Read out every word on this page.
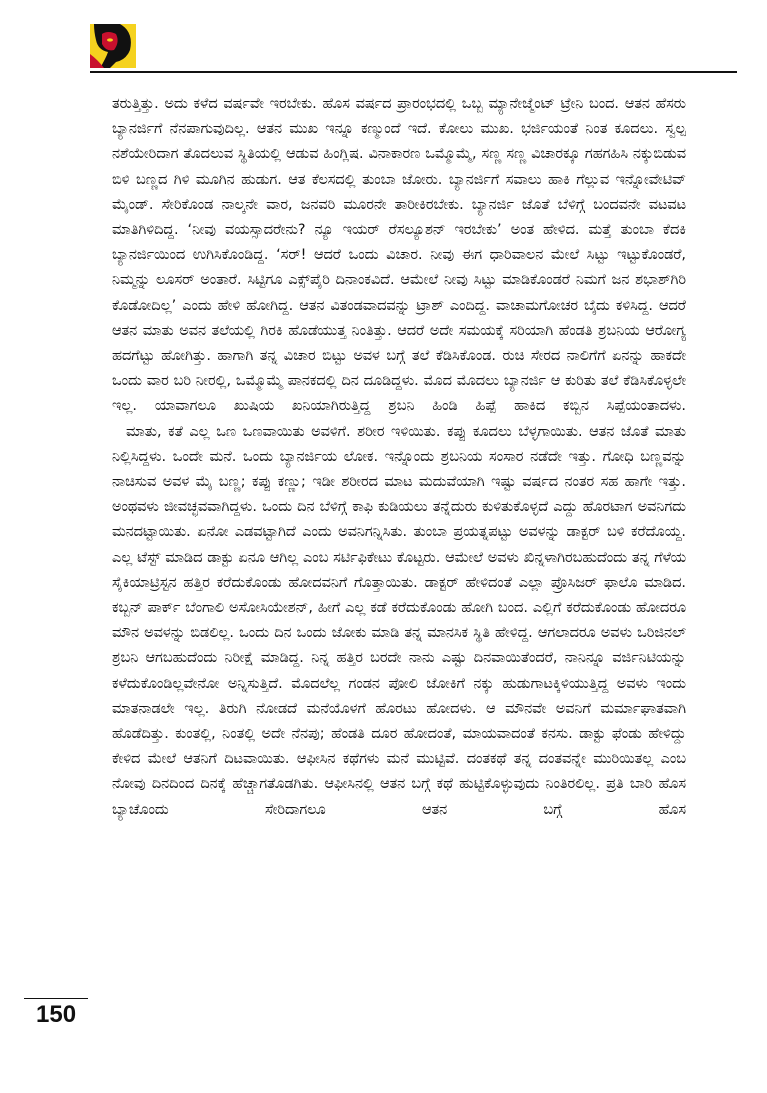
ತರುತ್ತಿತ್ತು. ಅದು ಕಳೆದ ವರ್ಷವೇ ಇರಬೇಕು. ಹೊಸ ವರ್ಷದ ಪ್ರಾರಂಭದಲ್ಲಿ ಒಬ್ಬ ಮ್ಯಾನೇಜ್ಮೆಂಟ್ ಟ್ರೇನಿ ಬಂದ. ಆತನ ಹೆಸರು ಬ್ಯಾನರ್ಜಿಗೆ ನೆನಪಾಗುವುದಿಲ್ಲ. ಆತನ ಮುಖ ಇನ್ನೂ ಕಣ್ಮುಂದೆ ಇದೆ. ಕೋಲು ಮುಖ. ಭರ್ಜಿಯಂತೆ ನಿಂತ ಕೂದಲು. ಸ್ವಲ್ಪ ನಶೆಯೇರಿದಾಗ ತೊದಲುವ ಸ್ಥಿತಿಯಲ್ಲಿ ಆಡುವ ಹಿಂಗ್ಲಿಷ. ವಿನಾಕಾರಣ ಒಮ್ಮೊಮ್ಮೆ, ಸಣ್ಣ ಸಣ್ಣ ವಿಚಾರಕ್ಕೂ ಗಹಗಹಿಸಿ ನಕ್ಕುಬಿಡುವ ಬಿಳಿ ಬಣ್ಣದ ಗಿಳಿ ಮೂಗಿನ ಹುಡುಗ. ಆತ ಕೆಲಸದಲ್ಲಿ ತುಂಬಾ ಜೋರು. ಬ್ಯಾನರ್ಜಿಗೆ ಸವಾಲು ಹಾಕಿ ಗೆಲ್ಲುವ ಇನ್ನೋವೇಟಿವ್ ಮೈಂಡ್. ಸೇರಿಕೊಂಡ ನಾಲ್ಕನೇ ವಾರ, ಜನವರಿ ಮೂರನೇ ತಾರೀಕಿರಬೇಕು. ಬ್ಯಾನರ್ಜಿ ಜೊತೆ ಬೆಳಿಗ್ಗೆ ಬಂದವನೇ ವಟವಟ ಮಾತಿಗಿಳಿದಿದ್ದ. ‘ನೀವು ವಯಸ್ಸಾದರೇನು? ನ್ಯೂ ಇಯರ್ ರೆಸಲ್ಯೂಶನ್ ಇರಬೇಕು’ ಅಂತ ಹೇಳಿದ. ಮತ್ತೆ ತುಂಬಾ ಕೆದಕಿ ಬ್ಯಾನರ್ಜಿಯಿಂದ ಉಗಿಸಿಕೊಂಡಿದ್ದ. ‘ಸರ್! ಆದರೆ ಒಂದು ವಿಚಾರ. ನೀವು ಈಗ ಧಾರಿವಾಲನ ಮೇಲೆ ಸಿಟ್ಟು ಇಟ್ಟುಕೊಂಡರೆ, ನಿಮ್ಮನ್ನು ಲೂಸರ್ ಅಂತಾರೆ. ಸಿಟ್ಟಿಗೂ ಎಕ್ಸ್‌ಪೈರಿ ದಿನಾಂಕವಿದೆ. ಆಮೇಲೆ ನೀವು ಸಿಟ್ಟು ಮಾಡಿಕೊಂಡರೆ ನಿಮಗೆ ಜನ ಶಭಾಶ್‌ಗಿರಿ ಕೊಡೋದಿಲ್ಲ’ ಎಂದು ಹೇಳಿ ಹೋಗಿದ್ದ. ಆತನ ವಿತಂಡವಾದವನ್ನು ಟ್ರಾಶ್ ಎಂದಿದ್ದ. ವಾಚಾಮಗೋಚರ ಬೈದು ಕಳಿಸಿದ್ದ. ಆದರೆ ಆತನ ಮಾತು ಅವನ ತಲೆಯಲ್ಲಿ ಗಿರಕಿ ಹೊಡೆಯುತ್ತ ನಿಂತಿತ್ತು. ಆದರೆ ಅದೇ ಸಮಯಕ್ಕೆ ಸರಿಯಾಗಿ ಹೆಂಡತಿ ಶ್ರಬನಿಯ ಆರೋಗ್ಯ ಹದಗೆಟ್ಟು ಹೋಗಿತ್ತು. ಹಾಗಾಗಿ ತನ್ನ ವಿಚಾರ ಬಿಟ್ಟು ಅವಳ ಬಗ್ಗೆ ತಲೆ ಕೆಡಿಸಿಕೊಂಡ. ರುಚಿ ಸೇರದ ನಾಲಿಗೆಗೆ ಏನನ್ನು ಹಾಕದೇ ಒಂದು ವಾರ ಬರಿ ನೀರಲ್ಲಿ, ಒಮ್ಮೊಮ್ಮೆ ಪಾನಕದಲ್ಲಿ ದಿನ ದೂಡಿದ್ದಳು. ಮೊದ ಮೊದಲು ಬ್ಯಾನರ್ಜಿ ಆ ಕುರಿತು ತಲೆ ಕೆಡಿಸಿಕೊಳ್ಳಲೇ ಇಲ್ಲ. ಯಾವಾಗಲೂ ಖುಷಿಯ ಖನಿಯಾಗಿರುತ್ತಿದ್ದ ಶ್ರಬನಿ ಹಿಂಡಿ ಹಿಪ್ಪೆ ಹಾಕಿದ ಕಬ್ಬಿನ ಸಿಪ್ಪೆಯಂತಾದಳು.

ಮಾತು, ಕತೆ ಎಲ್ಲ ಒಣ ಒಣವಾಯಿತು ಅವಳಿಗೆ. ಶರೀರ ಇಳಿಯಿತು. ಕಪ್ಪು ಕೂದಲು ಬೆಳ್ಳಗಾಯಿತು. ಆತನ ಜೊತೆ ಮಾತು ನಿಲ್ಲಿಸಿದ್ದಳು. ಒಂದೇ ಮನೆ. ಒಂದು ಬ್ಯಾನರ್ಜಿಯ ಲೋಕ. ಇನ್ನೊಂದು ಶ್ರಬನಿಯ ಸಂಸಾರ ನಡೆದೇ ಇತ್ತು. ಗೋಧಿ ಬಣ್ಣವನ್ನು ನಾಚಿಸುವ ಅವಳ ಮೈ ಬಣ್ಣ; ಕಪ್ಪು ಕಣ್ಣು; ಇಡೀ ಶರೀರದ ಮಾಟ ಮದುವೆಯಾಗಿ ಇಷ್ಟು ವರ್ಷದ ನಂತರ ಸಹ ಹಾಗೇ ಇತ್ತು. ಅಂಥವಳು ಜೀವಚ್ಛವವಾಗಿದ್ದಳು. ಒಂದು ದಿನ ಬೆಳಿಗ್ಗೆ ಕಾಫಿ ಕುಡಿಯಲು ತನ್ನೆದುರು ಕುಳಿತುಕೊಳ್ಳದೆ ಎದ್ದು ಹೊರಟಾಗ ಅವನಿಗದು ಮನದಟ್ಟಾಯಿತು. ಏನೋ ಎಡವಟ್ಟಾಗಿದೆ ಎಂದು ಅವನಿಗನ್ನಿಸಿತು. ತುಂಬಾ ಪ್ರಯತ್ನಪಟ್ಟು ಅವಳನ್ನು ಡಾಕ್ಟರ್ ಬಳಿ ಕರೆದೊಯ್ದ. ಎಲ್ಲ ಟೆಸ್ಟ್ ಮಾಡಿದ ಡಾಕ್ಟು ಏನೂ ಆಗಿಲ್ಲ ಎಂಬ ಸರ್ಟಿಫಿಕೇಟು ಕೊಟ್ಟರು. ಆಮೇಲೆ ಅವಳು ಖಿನ್ನಳಾಗಿರಬಹುದೆಂದು ತನ್ನ ಗೆಳೆಯ ಸೈಕಿಯಾಟ್ರಿಸ್ಟನ ಹತ್ತಿರ ಕರೆದುಕೊಂಡು ಹೋದವನಿಗೆ ಗೊತ್ತಾಯಿತು. ಡಾಕ್ಟರ್ ಹೇಳಿದಂತೆ ಎಲ್ಲಾ ಪ್ರೊಸಿಜರ್ ಫಾಲೊ ಮಾಡಿದ. ಕಬ್ಬನ್ ಪಾರ್ಕ್ ಬೆಂಗಾಲಿ ಅಸೋಸಿಯೇಶನ್, ಹೀಗೆ ಎಲ್ಲ ಕಡೆ ಕರೆದುಕೊಂಡು ಹೋಗಿ ಬಂದ. ಎಲ್ಲಿಗೆ ಕರೆದುಕೊಂಡು ಹೋದರೂ ಮೌನ ಅವಳನ್ನು ಬಿಡಲಿಲ್ಲ. ಒಂದು ದಿನ ಒಂದು ಜೋಕು ಮಾಡಿ ತನ್ನ ಮಾನಸಿಕ ಸ್ಥಿತಿ ಹೇಳಿದ್ದ. ಆಗಲಾದರೂ ಅವಳು ಒರಿಜಿನಲ್ ಶ್ರಬನಿ ಆಗಬಹುದೆಂದು ನಿರೀಕ್ಷೆ ಮಾಡಿದ್ದ. ನಿನ್ನ ಹತ್ತಿರ ಬರದೇ ನಾನು ಎಷ್ಟು ದಿನವಾಯಿತೆಂದರೆ, ನಾನಿನ್ನೂ ವರ್ಜಿನಿಟಿಯನ್ನು ಕಳೆದುಕೊಂಡಿಲ್ಲವೇನೋ ಅನ್ನಿಸುತ್ತಿದೆ. ಮೊದಲೆಲ್ಲ ಗಂಡನ ಪೋಲಿ ಜೋಕಿಗೆ ನಕ್ಕು ಹುಡುಗಾಟಕ್ಕಿಳಿಯುತ್ತಿದ್ದ ಅವಳು ಇಂದು ಮಾತನಾಡಲೇ ಇಲ್ಲ. ತಿರುಗಿ ನೋಡದೆ ಮನೆಯೊಳಗೆ ಹೊರಟು ಹೋದಳು. ಆ ಮೌನವೇ ಅವನಿಗೆ ಮರ್ಮಾಘಾತವಾಗಿ ಹೊಡೆದಿತ್ತು. ಕುಂತಲ್ಲಿ, ನಿಂತಲ್ಲಿ ಅದೇ ನೆನಪು; ಹೆಂಡತಿ ದೂರ ಹೋದಂತೆ, ಮಾಯವಾದಂತೆ ಕನಸು. ಡಾಕ್ಟು ಫೆಂಡು ಹೇಳಿದ್ದು ಕೇಳಿದ ಮೇಲೆ ಆತನಿಗೆ ದಿಟವಾಯಿತು. ಆಫೀಸಿನ ಕಥೆಗಳು ಮನೆ ಮುಟ್ಟಿವೆ. ದಂತಕಥೆ ತನ್ನ ದಂತವನ್ನೇ ಮುರಿಯಿತಲ್ಲ ಎಂಬ ನೋವು ದಿನದಿಂದ ದಿನಕ್ಕೆ ಹೆಚ್ಚಾಗತೊಡಗಿತು. ಆಫೀಸಿನಲ್ಲಿ ಆತನ ಬಗ್ಗೆ ಕಥೆ ಹುಟ್ಟಿಕೊಳ್ಳುವುದು ನಿಂತಿರಲಿಲ್ಲ. ಪ್ರತಿ ಬಾರಿ ಹೊಸ ಬ್ಯಾಚೊಂದು ಸೇರಿದಾಗಲೂ ಆತನ ಬಗ್ಗೆ ಹೊಸ

150
